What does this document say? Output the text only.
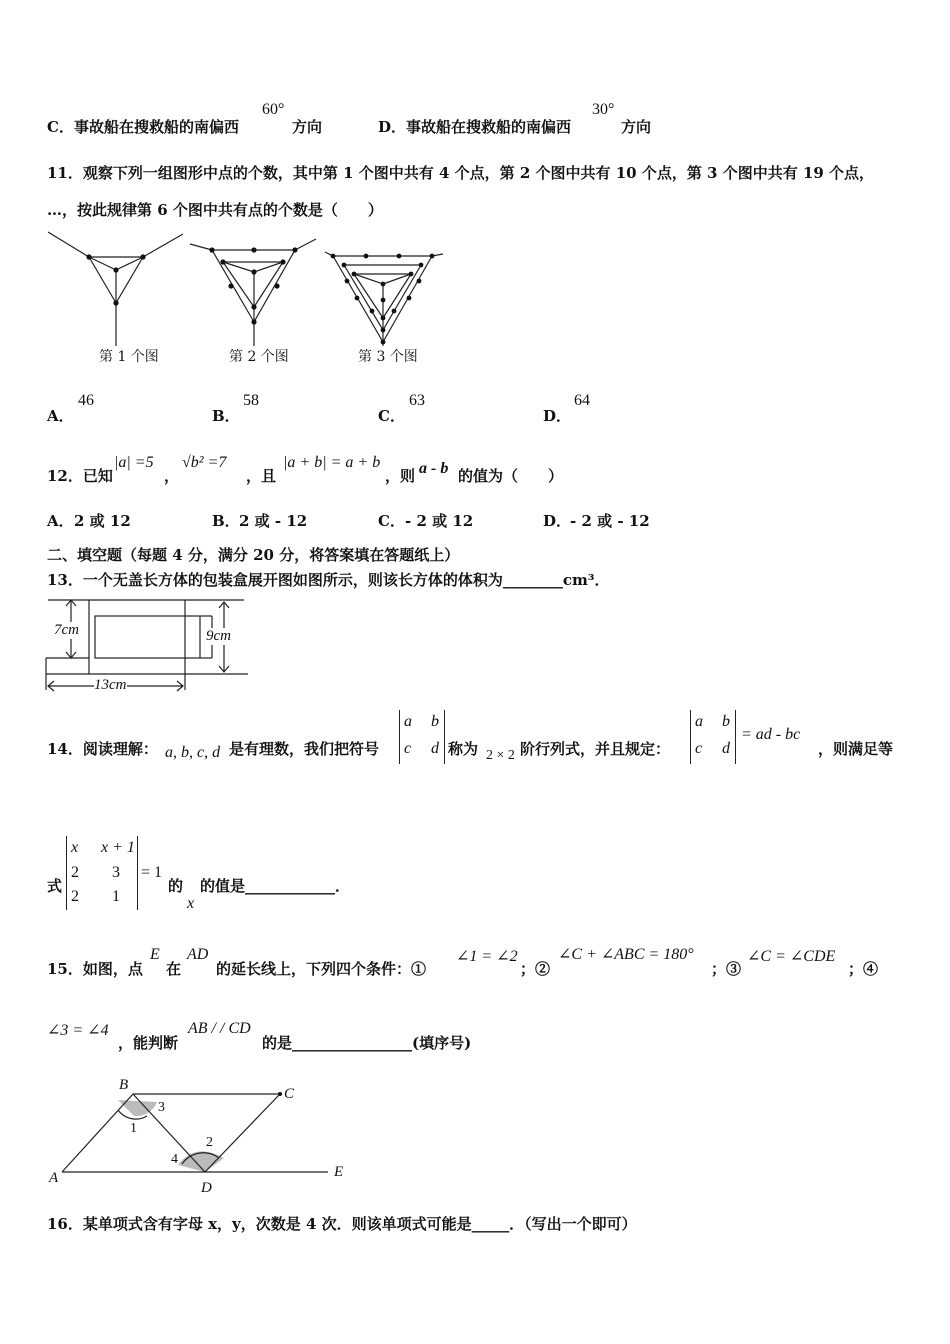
C．事故船在搜救船的南偏西
60°
方向	D．事故船在搜救船的南偏西
30°
方向
11．观察下列一组图形中点的个数，其中第 1 个图中共有 4 个点，第 2 个图中共有 10 个点，第 3 个图中共有 19 个点，
…，按此规律第 6 个图中共有点的个数是（　　）
第 1 个图	第 2 个图	第 3 个图
A．
46
B．
58
C．
63
D．
64
12．已知
|a| =5
，
√b² =7
，且
|a + b| = a + b
，则 a - b 的值为（　　）
A． 2 或 12	B． 2 或 - 12	C． - 2 或 12	D．
- 2 或 - 12
二、填空题（每题 4 分，满分 20 分，将答案填在答题纸上）
13．一个无盖长方体的包装盒展开图如图所示，则该长方体的体积为________cm³．
7cm	9cm
13cm
14．阅读理解： a, b, c, d 是有理数，我们把符号
a b
c d 称为 2 × 2 阶行列式，并且规定：
a b
c d
= ad - bc
，则满足等
式
x x + 1
2 3
2 1
= 1
的
x
的值是____________．
15．如图，点
E
在
AD
的延长线上，下列四个条件：①
∠1 = ∠2
；②
∠C + ∠ABC = 180°
；③
∠C = ∠CDE
；④
∠3 = ∠4
，能判断
AB / / CD
的是________________(填序号)
B
C
A
D
E
1
2
3
4
16．某单项式含有字母 x，y，次数是 4 次．则该单项式可能是_____．（写出一个即可）
